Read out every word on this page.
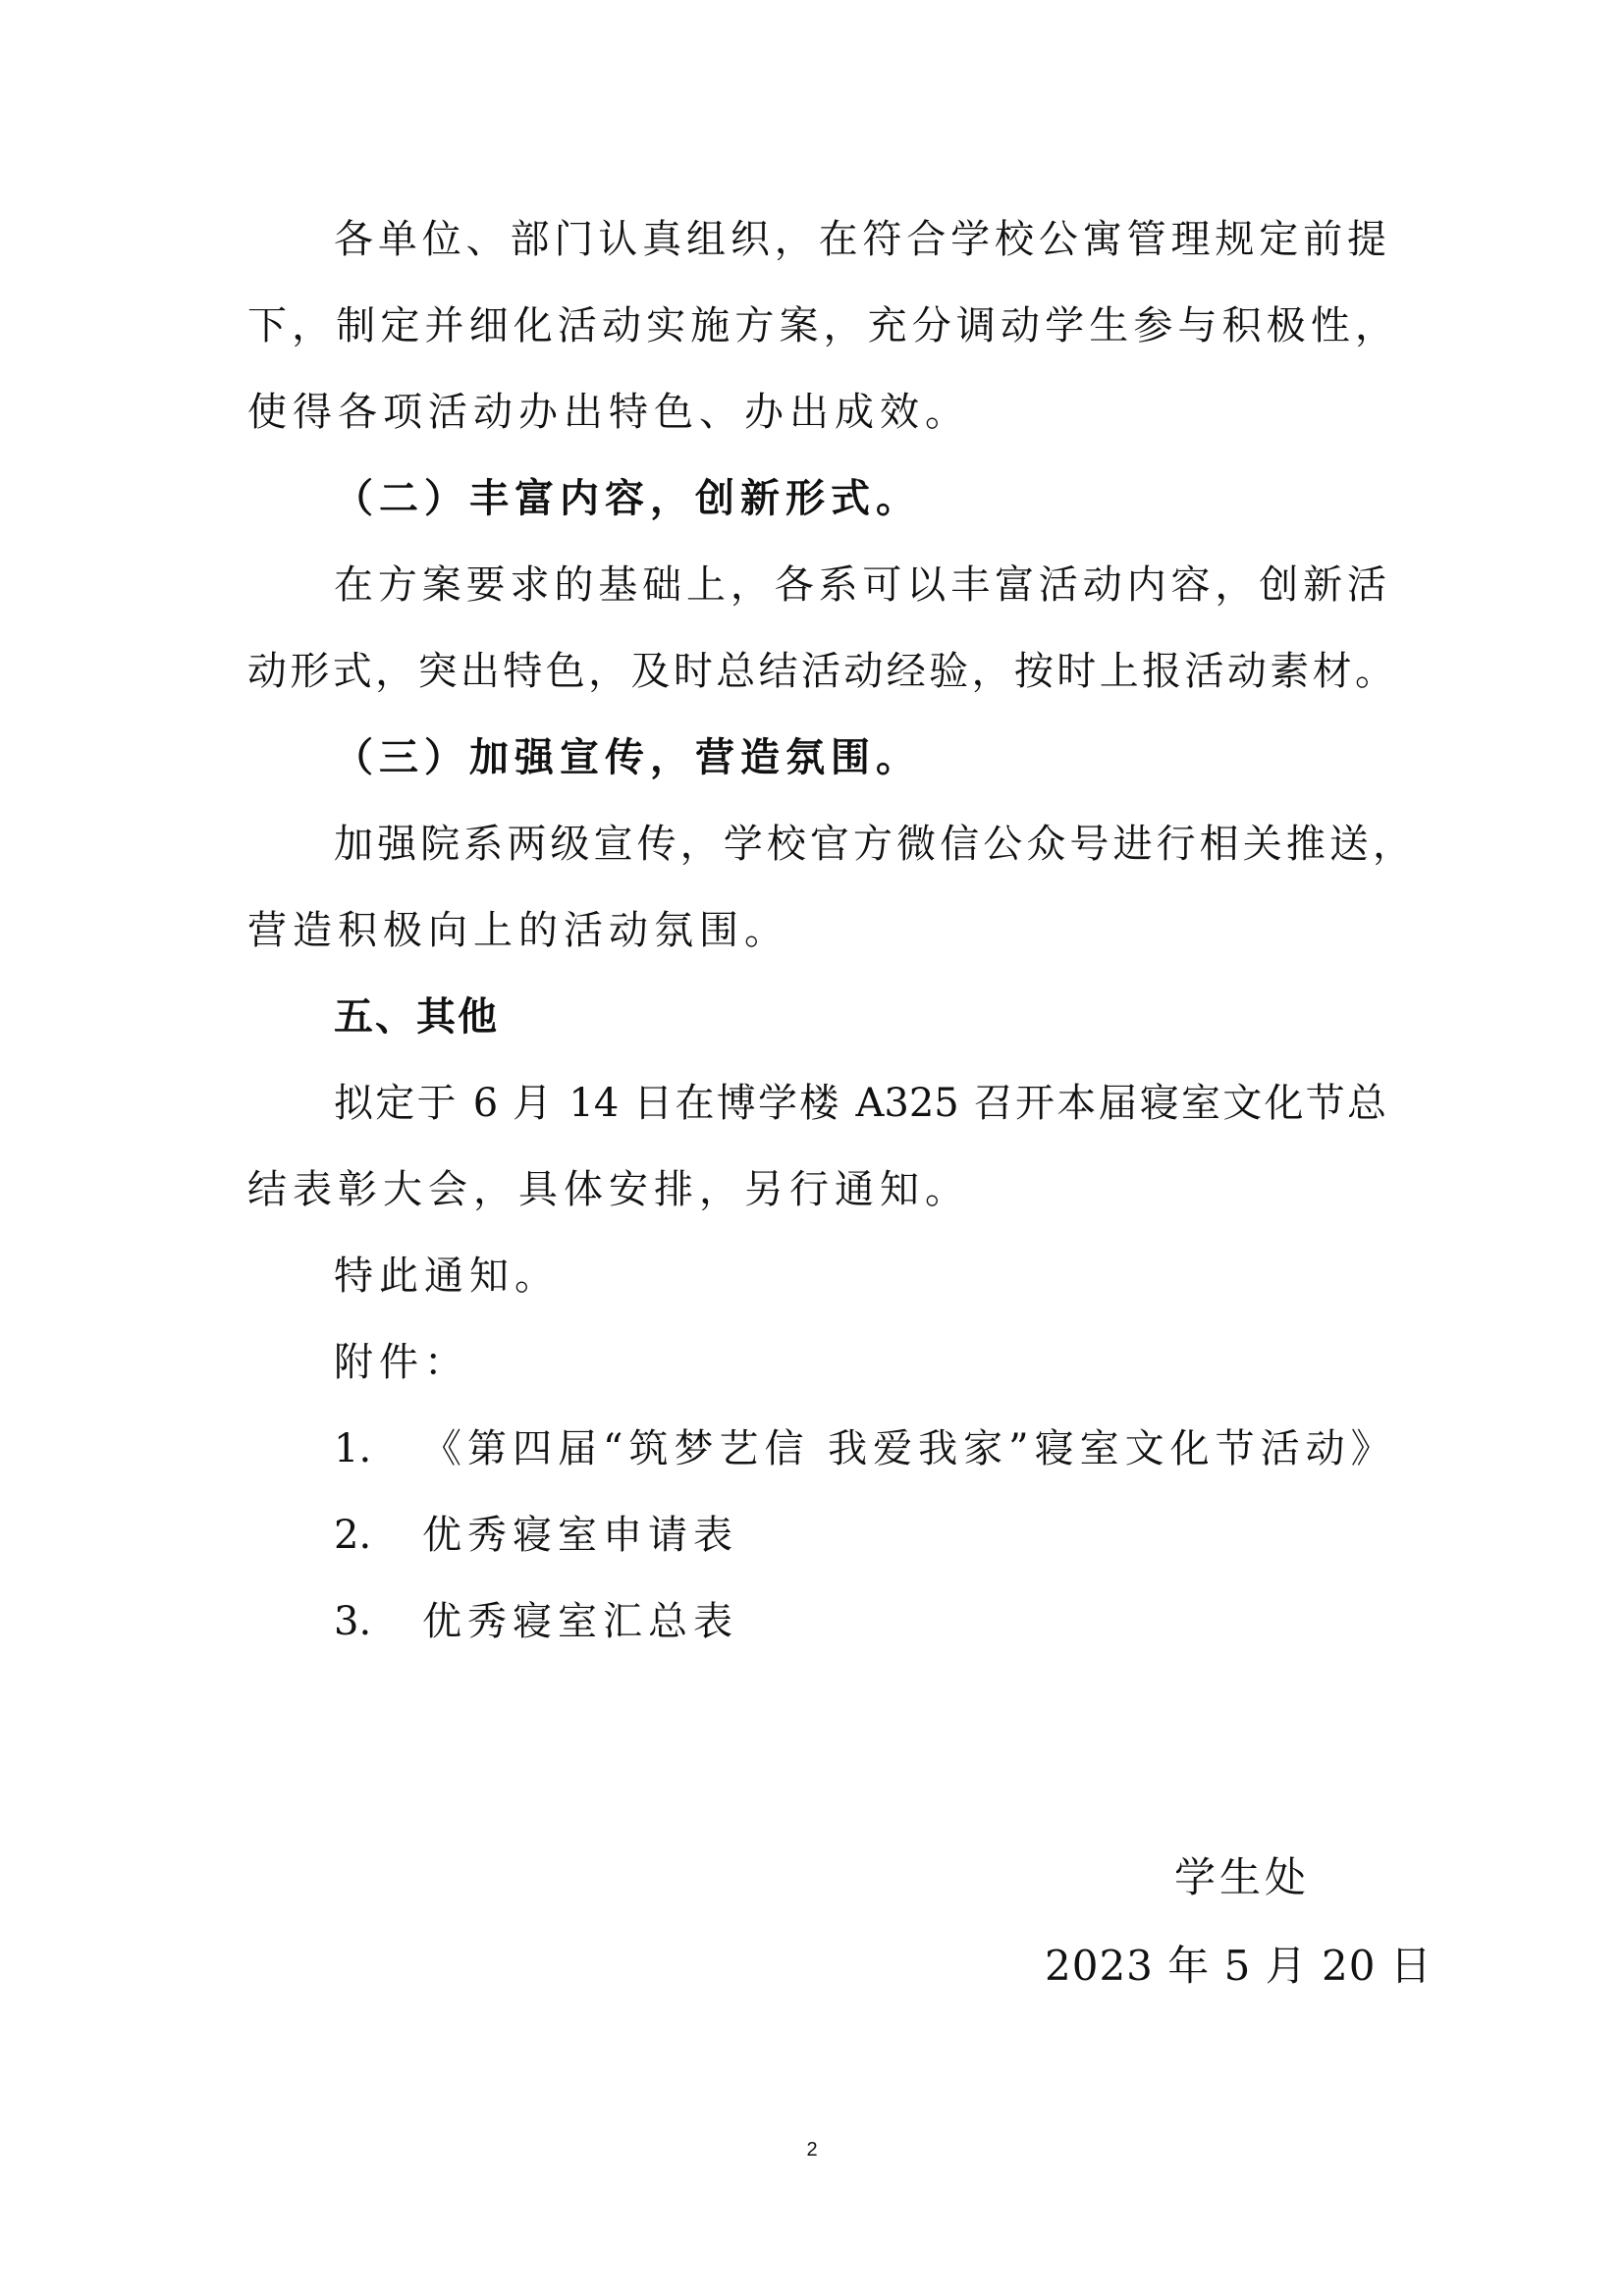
各单位、部门认真组织，在符合学校公寓管理规定前提
下，制定并细化活动实施方案，充分调动学生参与积极性，
使得各项活动办出特色、办出成效。
（二）丰富内容，创新形式。
在方案要求的基础上，各系可以丰富活动内容，创新活
动形式，突出特色，及时总结活动经验，按时上报活动素材。
（三）加强宣传，营造氛围。
加强院系两级宣传，学校官方微信公众号进行相关推送，
营造积极向上的活动氛围。
五、其他
拟定于 6 月 14 日在博学楼 A325 召开本届寝室文化节总
结表彰大会，具体安排，另行通知。
特此通知。
附件：
1. 《第四届“筑梦艺信 我爱我家”寝室文化节活动》
2. 优秀寝室申请表
3. 优秀寝室汇总表
学生处
2023 年 5 月 20 日
2
